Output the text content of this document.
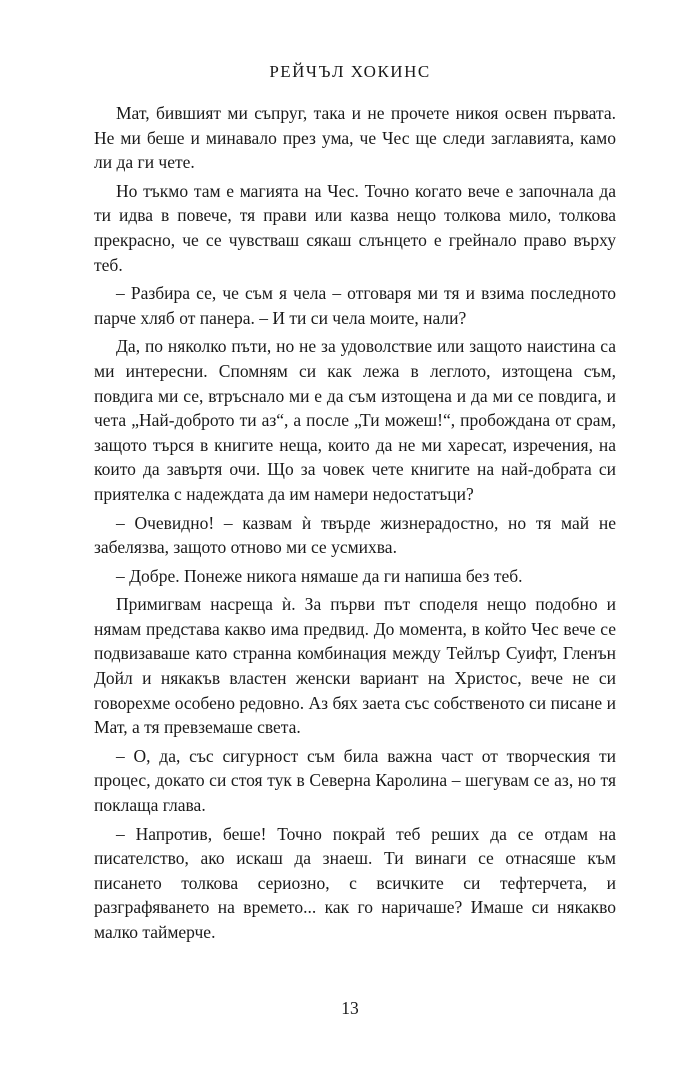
РЕЙЧЪЛ ХОКИНС

Мат, бившият ми съпруг, така и не прочете никоя освен първата. Не ми беше и минавало през ума, че Чес ще следи заглавията, камо ли да ги чете.

Но тъкмо там е магията на Чес. Точно когато вече е започнала да ти идва в повече, тя прави или казва нещо толкова мило, толкова прекрасно, че се чувстваш сякаш слънцето е грейнало право върху теб.

– Разбира се, че съм я чела – отговаря ми тя и взима последното парче хляб от панера. – И ти си чела моите, нали?

Да, по няколко пъти, но не за удоволствие или защото наистина са ми интересни. Спомням си как лежа в леглото, изтощена съм, повдига ми се, втръснало ми е да съм изтощена и да ми се повдига, и чета „Най-доброто ти аз“, а после „Ти можеш!“, пробождана от срам, защото търся в книгите неща, които да не ми харесат, изречения, на които да завъртя очи. Що за човек чете книгите на най-добрата си приятелка с надеждата да им намери недостатъци?

– Очевидно! – казвам ѝ твърде жизнерадостно, но тя май не забелязва, защото отново ми се усмихва.

– Добре. Понеже никога нямаше да ги напиша без теб.

Примигвам насреща ѝ. За първи път споделя нещо подобно и нямам представа какво има предвид. До момента, в който Чес вече се подвизаваше като странна комбинация между Тейлър Суифт, Гленън Дойл и някакъв властен женски вариант на Христос, вече не си говорехме особено редовно. Аз бях заета със собственото си писане и Мат, а тя превземаше света.

– О, да, със сигурност съм била важна част от творческия ти процес, докато си стоя тук в Северна Каролина – шегувам се аз, но тя поклаща глава.

– Напротив, беше! Точно покрай теб реших да се отдам на писателство, ако искаш да знаеш. Ти винаги се отнасяше към писането толкова сериозно, с всичките си тефтерчета, и разграфяването на времето... как го наричаше? Имаше си някакво малко таймерче.

13
